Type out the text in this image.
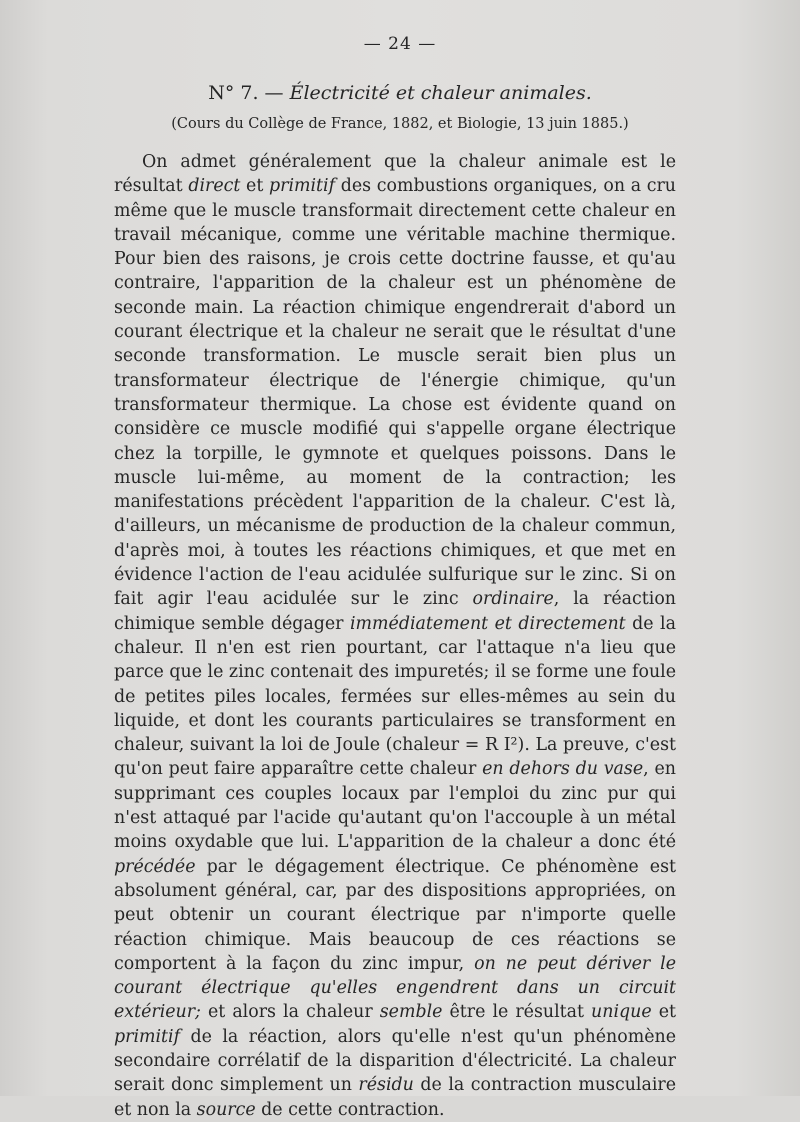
— 24 —
N° 7. — Électricité et chaleur animales.
(Cours du Collège de France, 1882, et Biologie, 13 juin 1885.)

On admet généralement que la chaleur animale est le résultat direct et primitif des combustions organiques, on a cru même que le muscle transformait directement cette chaleur en travail mécanique, comme une véritable machine thermique. Pour bien des raisons, je crois cette doctrine fausse, et qu'au contraire, l'apparition de la chaleur est un phénomène de seconde main. La réaction chimique engendrerait d'abord un courant électrique et la chaleur ne serait que le résultat d'une seconde transformation. Le muscle serait bien plus un transformateur électrique de l'énergie chimique, qu'un transformateur thermique. La chose est évidente quand on considère ce muscle modifié qui s'appelle organe électrique chez la torpille, le gymnote et quelques poissons. Dans le muscle lui-même, au moment de la contraction; les manifestations précèdent l'apparition de la chaleur. C'est là, d'ailleurs, un mécanisme de production de la chaleur commun, d'après moi, à toutes les réactions chimiques, et que met en évidence l'action de l'eau acidulée sulfurique sur le zinc. Si on fait agir l'eau acidulée sur le zinc ordinaire, la réaction chimique semble dégager immédiatement et directement de la chaleur. Il n'en est rien pourtant, car l'attaque n'a lieu que parce que le zinc contenait des impuretés; il se forme une foule de petites piles locales, fermées sur elles-mêmes au sein du liquide, et dont les courants particulaires se transforment en chaleur, suivant la loi de Joule (chaleur = R I²). La preuve, c'est qu'on peut faire apparaître cette chaleur en dehors du vase, en supprimant ces couples locaux par l'emploi du zinc pur qui n'est attaqué par l'acide qu'autant qu'on l'accouple à un métal moins oxydable que lui. L'apparition de la chaleur a donc été précédée par le dégagement électrique. Ce phénomène est absolument général, car, par des dispositions appropriées, on peut obtenir un courant électrique par n'importe quelle réaction chimique. Mais beaucoup de ces réactions se comportent à la façon du zinc impur, on ne peut dériver le courant électrique qu'elles engendrent dans un circuit extérieur; et alors la chaleur semble être le résultat unique et primitif de la réaction, alors qu'elle n'est qu'un phénomène secondaire corrélatif de la disparition d'électricité. La chaleur serait donc simplement un résidu de la contraction musculaire et non la source de cette contraction.
